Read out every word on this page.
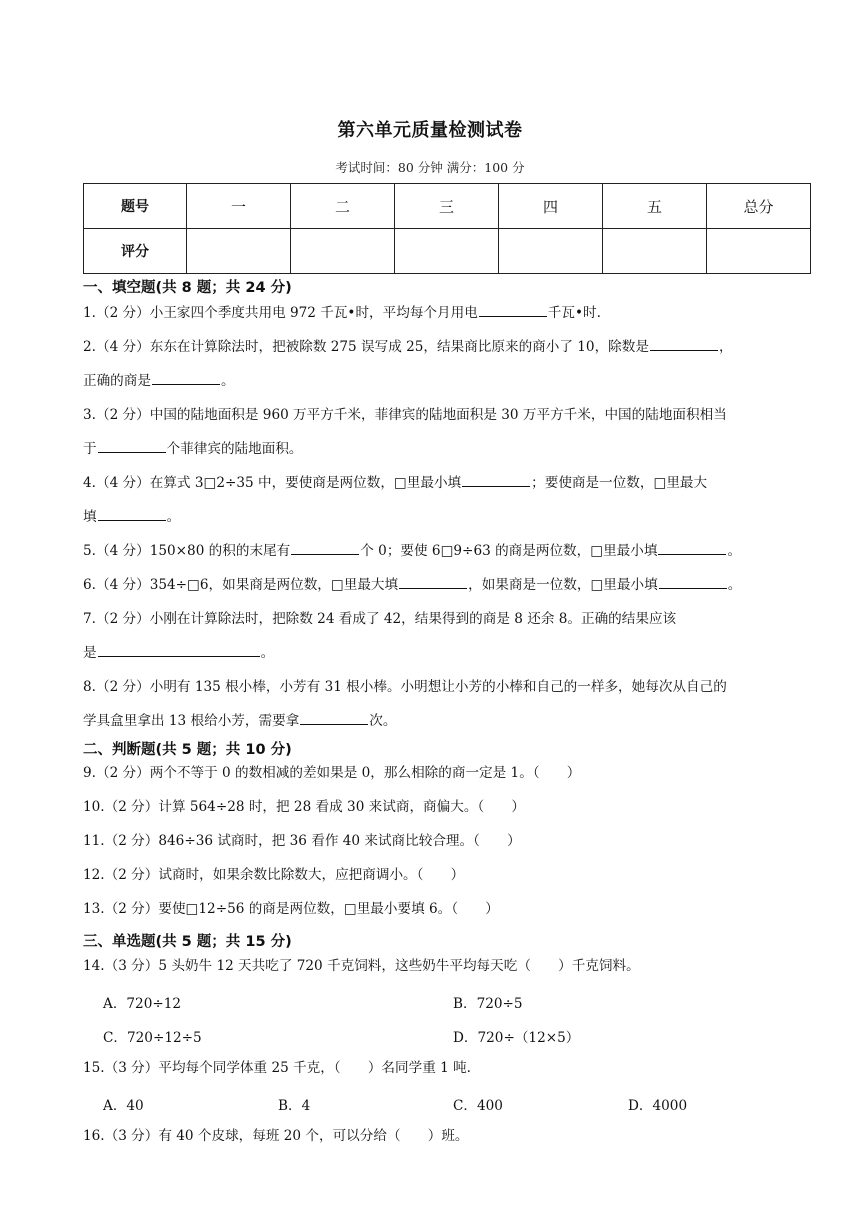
第六单元质量检测试卷
考试时间：80 分钟 满分：100 分
题号	一	二	三	四	五	总分
评分						
一、填空题(共 8 题；共 24 分)
1.（2 分）小王家四个季度共用电 972 千瓦•时，平均每个月用电	千瓦•时.
2.（4 分）东东在计算除法时，把被除数 275 误写成 25，结果商比原来的商小了 10，除数是	，
正确的商是	。
3.（2 分）中国的陆地面积是 960 万平方千米，菲律宾的陆地面积是 30 万平方千米，中国的陆地面积相当
于	个菲律宾的陆地面积。
4.（4 分）在算式 3□2÷35 中，要使商是两位数，□里最小填	；要使商是一位数，□里最大
填	。
5.（4 分）150×80 的积的末尾有	个 0；要使 6□9÷63 的商是两位数，□里最小填	。
6.（4 分）354÷□6，如果商是两位数，□里最大填	，如果商是一位数，□里最小填	。
7.（2 分）小刚在计算除法时，把除数 24 看成了 42，结果得到的商是 8 还余 8。正确的结果应该
是	。
8.（2 分）小明有 135 根小棒，小芳有 31 根小棒。小明想让小芳的小棒和自己的一样多，她每次从自己的
学具盒里拿出 13 根给小芳，需要拿	次。
二、判断题(共 5 题；共 10 分)
9.（2 分）两个不等于 0 的数相减的差如果是 0，那么相除的商一定是 1。（　　）
10.（2 分）计算 564÷28 时，把 28 看成 30 来试商，商偏大。（　　）
11.（2 分）846÷36 试商时，把 36 看作 40 来试商比较合理。（　　）
12.（2 分）试商时，如果余数比除数大，应把商调小。（　　）
13.（2 分）要使□12÷56 的商是两位数，□里最小要填 6。（　　）
三、单选题(共 5 题；共 15 分)
14.（3 分）5 头奶牛 12 天共吃了 720 千克饲料，这些奶牛平均每天吃（　　）千克饲料。
A．720÷12	B．720÷5
C．720÷12÷5	D．720÷（12×5）
15.（3 分）平均每个同学体重 25 千克，（　　）名同学重 1 吨.
A．40	B．4	C．400	D．4000
16.（3 分）有 40 个皮球，每班 20 个，可以分给（　　）班。
